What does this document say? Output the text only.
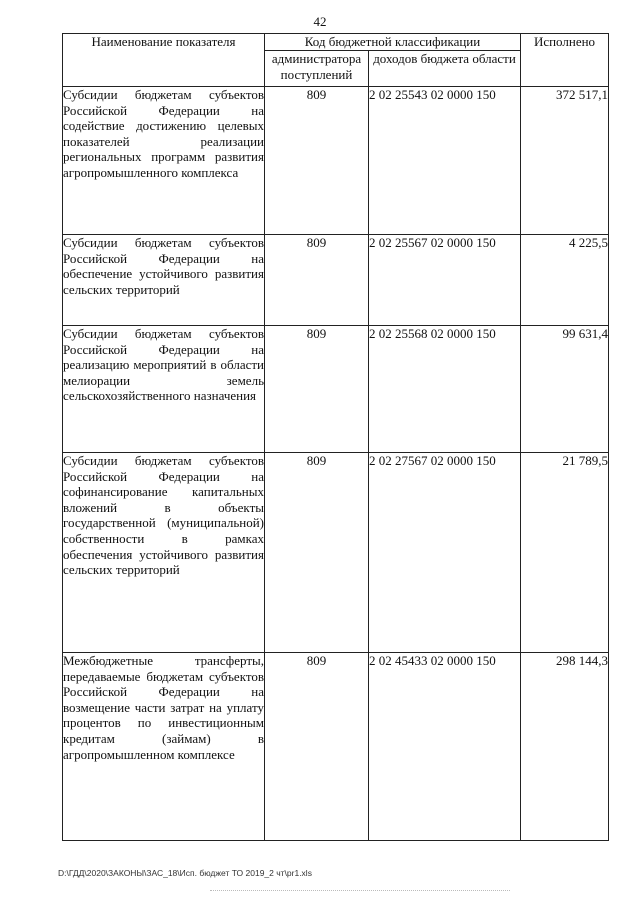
42
Наименование показателя	Код бюджетной классификации		Исполнено
	администратора поступлений	доходов бюджета области	
Субсидии бюджетам субъектов Российской Федерации на содействие достижению целевых показателей реализации региональных программ развития агропромышленного комплекса	809	2 02 25543 02 0000 150	372 517,1
Субсидии бюджетам субъектов Российской Федерации на обеспечение устойчивого развития сельских территорий	809	2 02 25567 02 0000 150	4 225,5
Субсидии бюджетам субъектов Российской Федерации на реализацию мероприятий в области мелиорации земель сельскохозяйственного назначения	809	2 02 25568 02 0000 150	99 631,4
Субсидии бюджетам субъектов Российской Федерации на софинансирование капитальных вложений в объекты государственной (муниципальной) собственности в рамках обеспечения устойчивого развития сельских территорий	809	2 02 27567 02 0000 150	21 789,5
Межбюджетные трансферты, передаваемые бюджетам субъектов Российской Федерации на возмещение части затрат на уплату процентов по инвестиционным кредитам (займам) в агропромышленном комплексе	809	2 02 45433 02 0000 150	298 144,3
D:\ГДД\2020\ЗАКОНЫ\ЗАС_18\Исп. бюджет ТО 2019_2 чт\pr1.xls
